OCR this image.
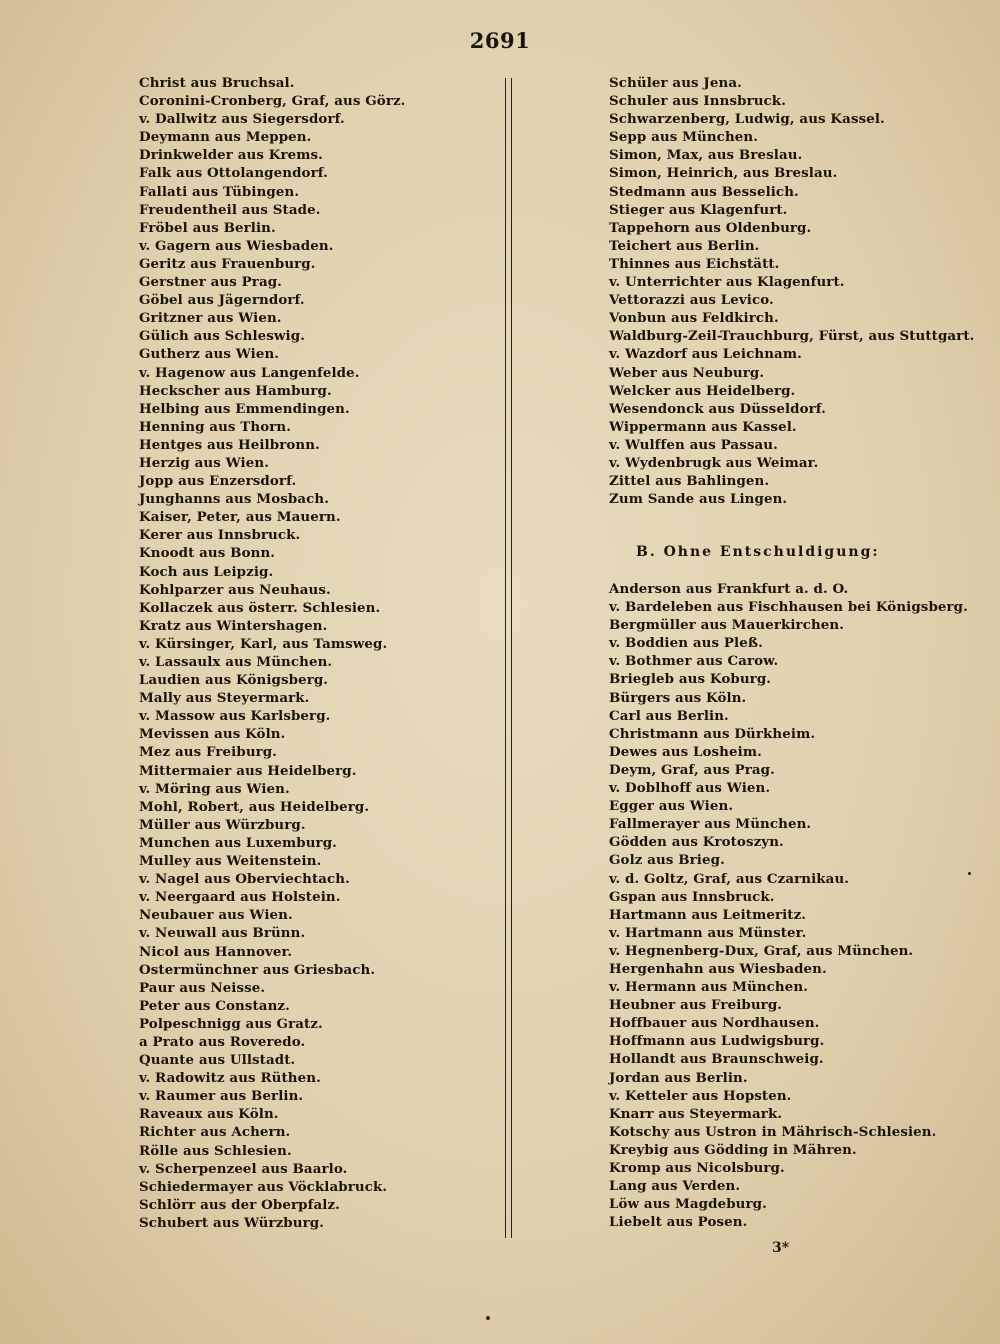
2691
Christ aus Bruchsal.
Coronini-Cronberg, Graf, aus Görz.
v. Dallwitz aus Siegersdorf.
Deymann aus Meppen.
Drinkwelder aus Krems.
Falk aus Ottolangendorf.
Fallati aus Tübingen.
Freudentheil aus Stade.
Fröbel aus Berlin.
v. Gagern aus Wiesbaden.
Geritz aus Frauenburg.
Gerstner aus Prag.
Göbel aus Jägerndorf.
Gritzner aus Wien.
Gülich aus Schleswig.
Gutherz aus Wien.
v. Hagenow aus Langenfelde.
Heckscher aus Hamburg.
Helbing aus Emmendingen.
Henning aus Thorn.
Hentges aus Heilbronn.
Herzig aus Wien.
Jopp aus Enzersdorf.
Junghanns aus Mosbach.
Kaiser, Peter, aus Mauern.
Kerer aus Innsbruck.
Knoodt aus Bonn.
Koch aus Leipzig.
Kohlparzer aus Neuhaus.
Kollaczek aus österr. Schlesien.
Kratz aus Wintershagen.
v. Kürsinger, Karl, aus Tamsweg.
v. Lassaulx aus München.
Laudien aus Königsberg.
Mally aus Steyermark.
v. Massow aus Karlsberg.
Mevissen aus Köln.
Mez aus Freiburg.
Mittermaier aus Heidelberg.
v. Möring aus Wien.
Mohl, Robert, aus Heidelberg.
Müller aus Würzburg.
Munchen aus Luxemburg.
Mulley aus Weitenstein.
v. Nagel aus Oberviechtach.
v. Neergaard aus Holstein.
Neubauer aus Wien.
v. Neuwall aus Brünn.
Nicol aus Hannover.
Ostermünchner aus Griesbach.
Paur aus Neisse.
Peter aus Constanz.
Polpeschnigg aus Gratz.
a Prato aus Roveredo.
Quante aus Ullstadt.
v. Radowitz aus Rüthen.
v. Raumer aus Berlin.
Raveaux aus Köln.
Richter aus Achern.
Rölle aus Schlesien.
v. Scherpenzeel aus Baarlo.
Schiedermayer aus Vöcklabruck.
Schlörr aus der Oberpfalz.
Schubert aus Würzburg.
Schüler aus Jena.
Schuler aus Innsbruck.
Schwarzenberg, Ludwig, aus Kassel.
Sepp aus München.
Simon, Max, aus Breslau.
Simon, Heinrich, aus Breslau.
Stedmann aus Besselich.
Stieger aus Klagenfurt.
Tappehorn aus Oldenburg.
Teichert aus Berlin.
Thinnes aus Eichstätt.
v. Unterrichter aus Klagenfurt.
Vettorazzi aus Levico.
Vonbun aus Feldkirch.
Waldburg-Zeil-Trauchburg, Fürst, aus Stuttgart.
v. Wazdorf aus Leichnam.
Weber aus Neuburg.
Welcker aus Heidelberg.
Wesendonck aus Düsseldorf.
Wippermann aus Kassel.
v. Wulffen aus Passau.
v. Wydenbrugk aus Weimar.
Zittel aus Bahlingen.
Zum Sande aus Lingen.
B. Ohne Entschuldigung:
Anderson aus Frankfurt a. d. O.
v. Bardeleben aus Fischhausen bei Königsberg.
Bergmüller aus Mauerkirchen.
v. Boddien aus Pleß.
v. Bothmer aus Carow.
Briegleb aus Koburg.
Bürgers aus Köln.
Carl aus Berlin.
Christmann aus Dürkheim.
Dewes aus Losheim.
Deym, Graf, aus Prag.
v. Doblhoff aus Wien.
Egger aus Wien.
Fallmerayer aus München.
Gödden aus Krotoszyn.
Golz aus Brieg.
v. d. Goltz, Graf, aus Czarnikau.
Gspan aus Innsbruck.
Hartmann aus Leitmeritz.
v. Hartmann aus Münster.
v. Hegnenberg-Dux, Graf, aus München.
Hergenhahn aus Wiesbaden.
v. Hermann aus München.
Heubner aus Freiburg.
Hoffbauer aus Nordhausen.
Hoffmann aus Ludwigsburg.
Hollandt aus Braunschweig.
Jordan aus Berlin.
v. Ketteler aus Hopsten.
Knarr aus Steyermark.
Kotschy aus Ustron in Mährisch-Schlesien.
Kreybig aus Gödding in Mähren.
Kromp aus Nicolsburg.
Lang aus Verden.
Löw aus Magdeburg.
Liebelt aus Posen.
3*
